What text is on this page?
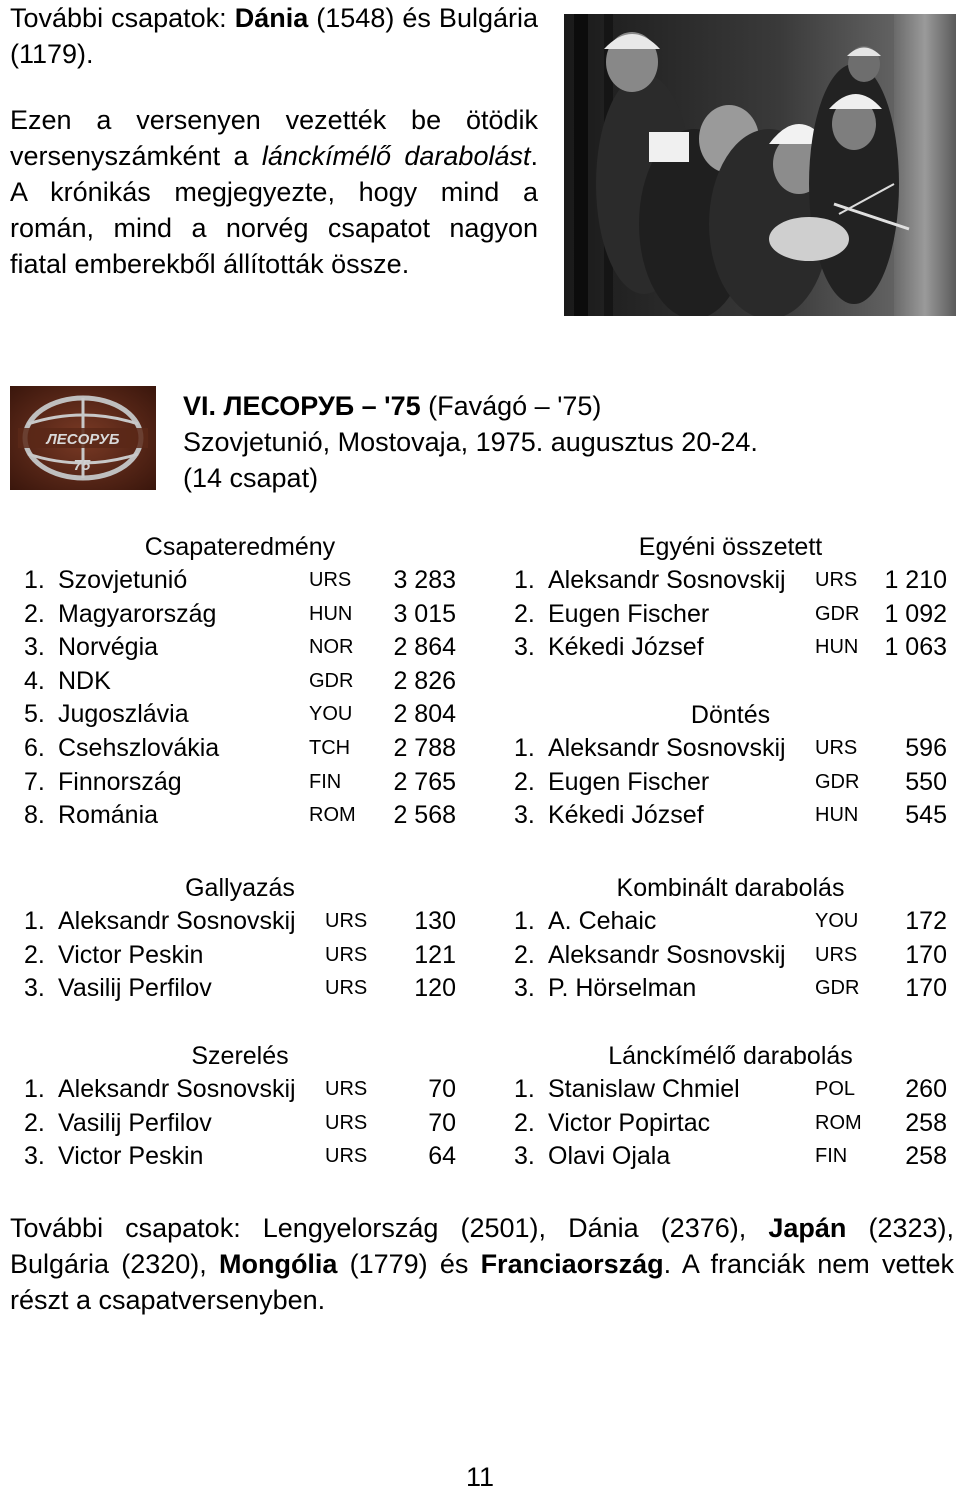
További csapatok: Dánia (1548) és Bulgária (1179).

Ezen a versenyen vezették be ötödik versenyszámként a lánckímélő darabolást. A krónikás megjegyezte, hogy mind a román, mind a norvég csapatot nagyon fiatal emberekből állították össze.

ЛЕСОРУБ
75
VI. ЛЕСОРУБ – '75 (Favágó – '75)
Szovjetunió, Mostovaja, 1975. augusztus 20-24.
(14 csapat)
Csapateredmény
1. Szovjetunió	URS 3 283
2. Magyarország	HUN 3 015
3. Norvégia	NOR 2 864
4. NDK	GDR 2 826
5. Jugoszlávia	YOU 2 804
6. Csehszlovákia	TCH 2 788
7. Finnország	FIN 2 765
8. Románia	ROM 2 568
Egyéni összetett
1. Aleksandr Sosnovskij URS 1 210
2. Eugen Fischer	GDR 1 092
3. Kékedi József	HUN 1 063
Döntés
1. Aleksandr Sosnovskij URS 596
2. Eugen Fischer	GDR 550
3. Kékedi József	HUN 545
Gallyazás
1. Aleksandr Sosnovskij URS 130
2. Victor Peskin	URS 121
3. Vasilij Perfilov	URS 120
Kombinált darabolás
1. A. Cehaic	YOU 172
2. Aleksandr Sosnovskij URS 170
3. P. Hörselman	GDR 170
Szerelés
1. Aleksandr Sosnovskij URS 70
2. Vasilij Perfilov	URS 70
3. Victor Peskin	URS 64
Lánckímélő darabolás
1. Stanislaw Chmiel	POL 260
2. Victor Popirtac	ROM 258
3. Olavi Ojala	FIN 258
További csapatok: Lengyelország (2501), Dánia (2376), Japán (2323), Bulgária (2320), Mongólia (1779) és Franciaország. A franciák nem vettek részt a csapatversenyben.
11
